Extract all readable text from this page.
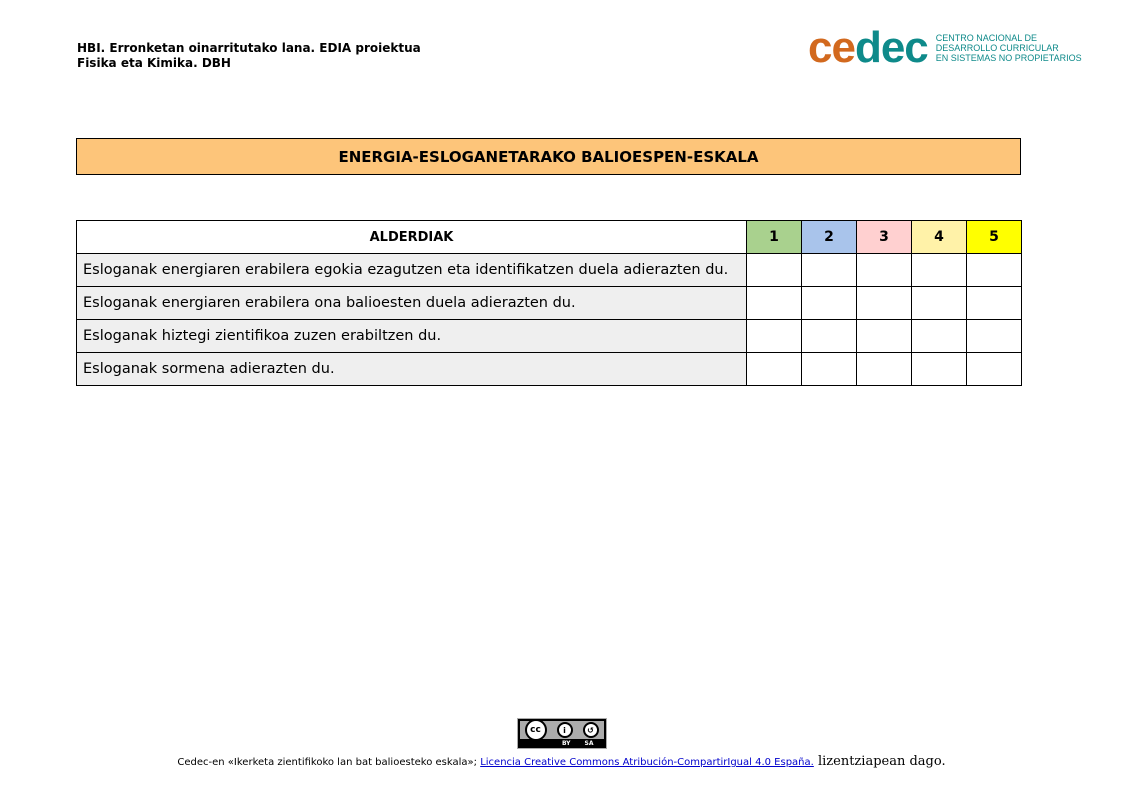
HBI. Erronketan oinarritutako lana. EDIA proiektua
Fisika eta Kimika. DBH	cedec CENTRO NACIONAL DE
DESARROLLO CURRICULAR
EN SISTEMAS NO PROPIETARIOS
ENERGIA-ESLOGANETARAKO BALIOESPEN-ESKALA
ALDERDIAK	1	2	3	4	5
Esloganak energiaren erabilera egokia ezagutzen eta identifikatzen duela adierazten du.					
Esloganak energiaren erabilera ona balioesten duela adierazten du.					
Esloganak hiztegi zientifikoa zuzen erabiltzen du.					
Esloganak sormena adierazten du.					
cc	i	↺
BY SA
Cedec-en «Ikerketa zientifikoko lan bat balioesteko eskala»; Licencia Creative Commons Atribución-CompartirIgual 4.0 España. lizentziapean dago.
